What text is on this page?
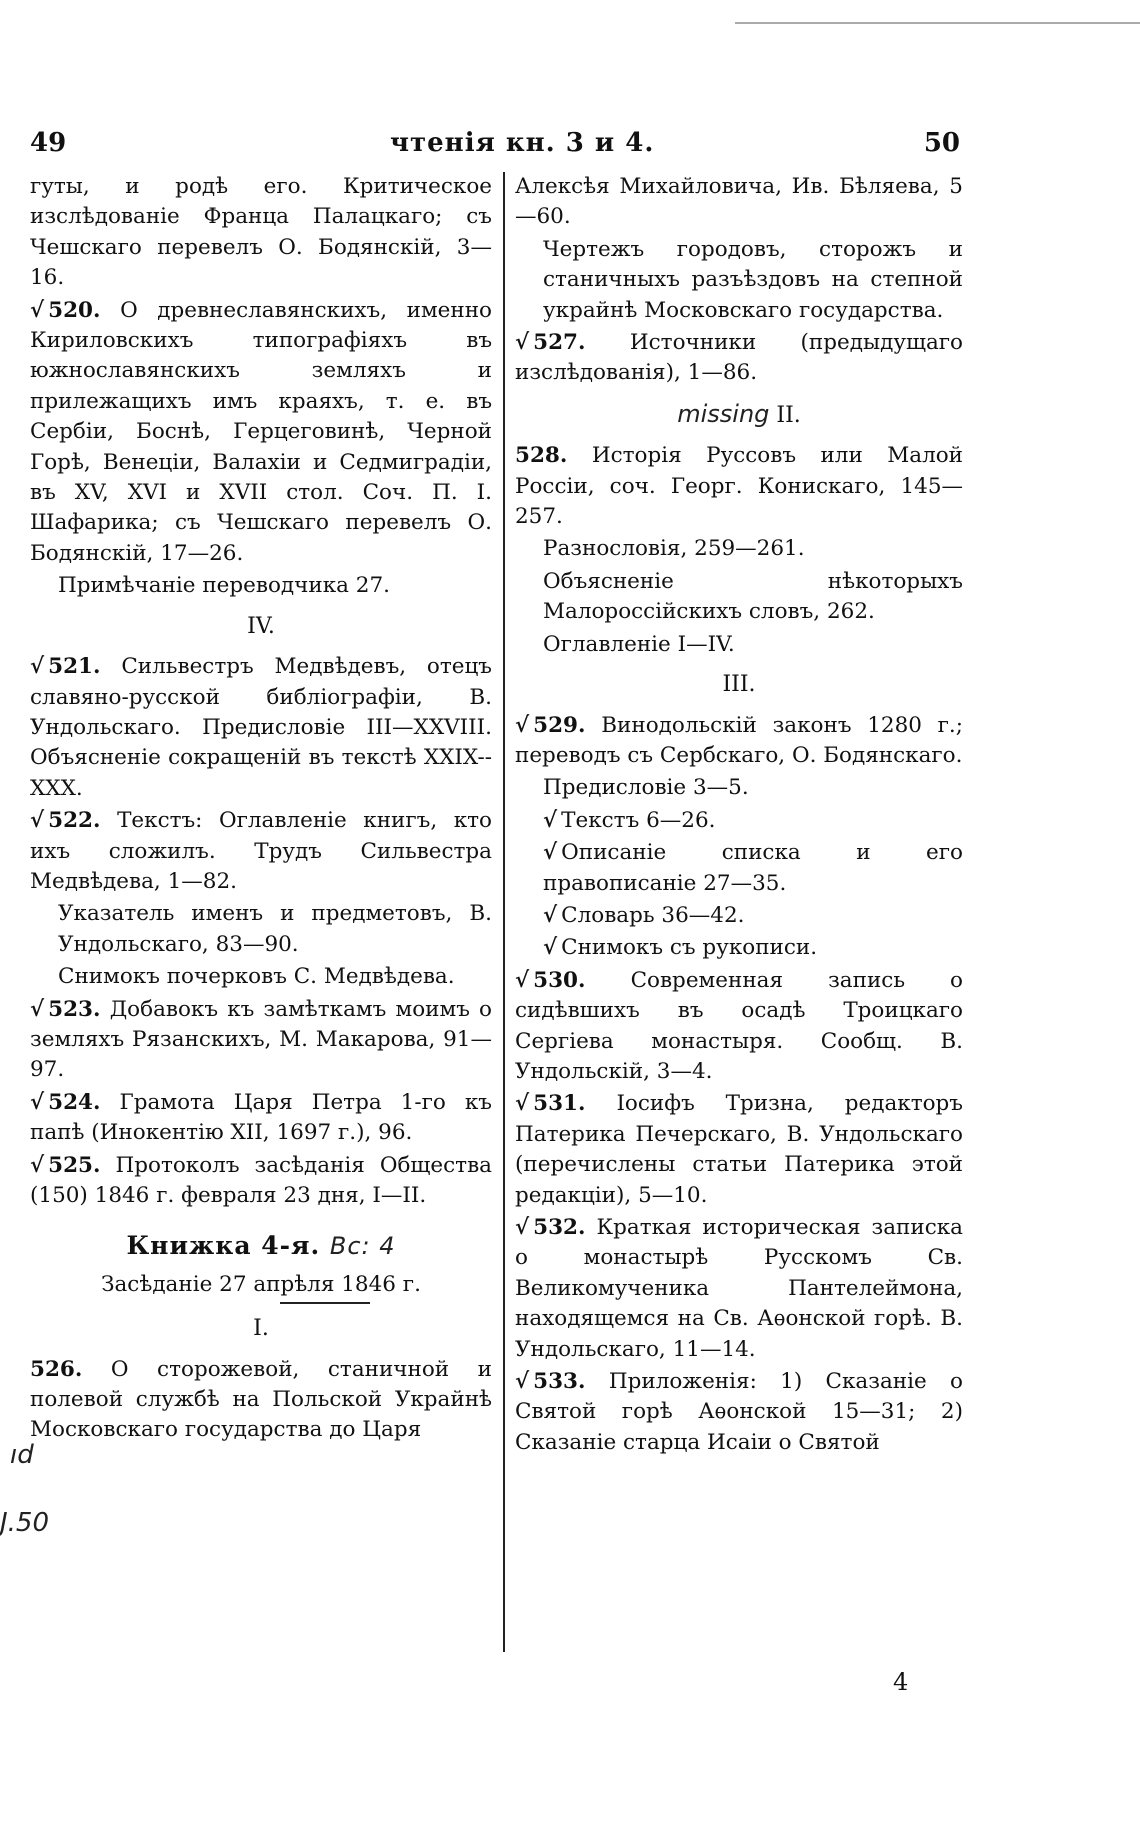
49	чтенія кн. 3 и 4.	50
гуты, и родѣ его. Критическое изслѣдованіе Франца Палацкаго; съ Чешскаго перевелъ О. Бодянскій, 3—16.
√ 520. О древнеславянскихъ, именно Кириловскихъ типографіяхъ въ южнославянскихъ земляхъ и прилежащихъ имъ краяхъ, т. е. въ Сербіи, Боснѣ, Герцеговинѣ, Черной Горѣ, Венеціи, Валахіи и Седмиградіи, въ XV, XVI и XVII стол. Соч. П. І. Шафарика; съ Чешскаго перевелъ О. Бодянскій, 17—26.
Примѣчаніе переводчика 27.
IV.
√ 521. Сильвестръ Медвѣдевъ, отецъ славяно-русской библіографіи, В. Ундольскаго. Предисловіе III—XXVIII. Объясненіе сокращеній въ текстѣ XXIX--XXX.
√ 522. Текстъ: Оглавленіе книгъ, кто ихъ сложилъ. Трудъ Сильвестра Медвѣдева, 1—82.
Указатель именъ и предметовъ, В. Ундольскаго, 83—90.
Снимокъ почерковъ С. Медвѣдева.
√ 523. Добавокъ къ замѣткамъ моимъ о земляхъ Рязанскихъ, М. Макарова, 91—97.
√ 524. Грамота Царя Петра 1-го къ папѣ (Инокентію XII, 1697 г.), 96.
√ 525. Протоколъ засѣданія Общества (150) 1846 г. февраля 23 дня, I—II.
Книжка 4-я. Bc: 4
Засѣданіе 27 апрѣля 1846 г.
I.
526. О сторожевой, станичной и полевой службѣ на Польской Украйнѣ Московскаго государства до Царя
Алексѣя Михайловича, Ив. Бѣляева, 5—60.
Чертежъ городовъ, сторожъ и станичныхъ разъѣздовъ на степной украйнѣ Московскаго государства.
√ 527. Источники (предыдущаго изслѣдованія), 1—86.
missing II.
528. Исторія Руссовъ или Малой Россіи, соч. Георг. Конискаго, 145—257.
Разнословія, 259—261.
Объясненіе нѣкоторыхъ Малороссійскихъ словъ, 262.
Оглавленіе I—IV.
III.
√ 529. Винодольскій законъ 1280 г.; переводъ съ Сербскаго, О. Бодянскаго.
Предисловіе 3—5.
√ Текстъ 6—26.
√ Описаніе списка и его правописаніе 27—35.
√ Словарь 36—42.
√ Снимокъ съ рукописи.
√ 530. Современная запись о сидѣвшихъ въ осадѣ Троицкаго Сергіева монастыря. Сообщ. В. Ундольскій, 3—4.
√ 531. Іосифъ Тризна, редакторъ Патерика Печерскаго, В. Ундольскаго (перечислены статьи Патерика этой редакціи), 5—10.
√ 532. Краткая историческая записка о монастырѣ Русскомъ Св. Великомученика Пантелеймона, находящемся на Св. Аѳонской горѣ. В. Ундольскаго, 11—14.
√ 533. Приложенія: 1) Сказаніе о Святой горѣ Аѳонской 15—31; 2) Сказаніе старца Исаіи о Святой
4
ıd
J.50
